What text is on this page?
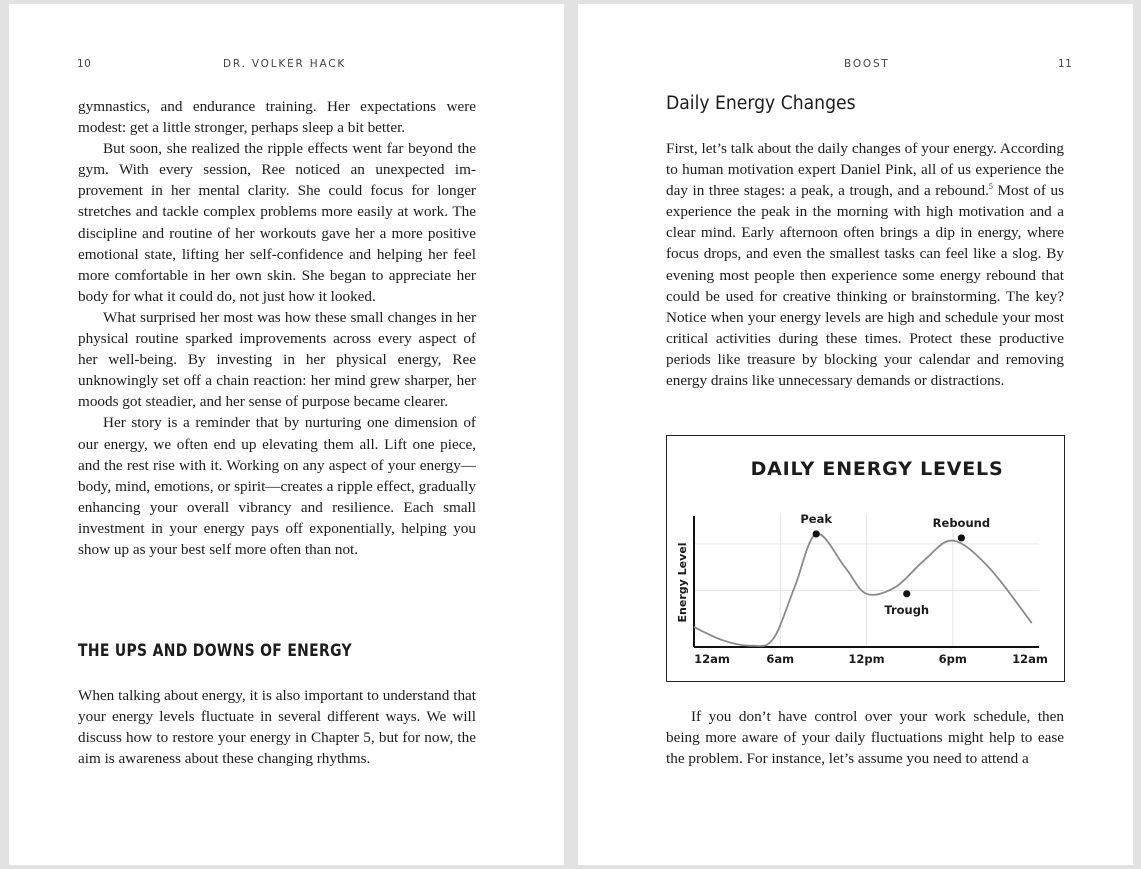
10	DR. VOLKER HACK

gymnastics, and endurance training. Her expectations were modest: get a little stronger, perhaps sleep a bit better.

But soon, she realized the ripple effects went far beyond the gym. With every session, Ree noticed an unexpected improvement in her mental clarity. She could focus for longer stretches and tackle complex problems more easily at work. The discipline and routine of her workouts gave her a more positive emotional state, lifting her self-confidence and helping her feel more comfortable in her own skin. She began to appreciate her body for what it could do, not just how it looked.

What surprised her most was how these small changes in her physical routine sparked improvements across every aspect of her well-being. By investing in her physical energy, Ree unknowingly set off a chain reaction: her mind grew sharper, her moods got steadier, and her sense of purpose became clearer.

Her story is a reminder that by nurturing one dimension of our energy, we often end up elevating them all. Lift one piece, and the rest rise with it. Working on any aspect of your energy—body, mind, emotions, or spirit—creates a ripple effect, gradually enhancing your overall vibrancy and resilience. Each small investment in your energy pays off exponentially, helping you show up as your best self more often than not.

THE UPS AND DOWNS OF ENERGY

When talking about energy, it is also important to understand that your energy levels fluctuate in several different ways. We will discuss how to restore your energy in Chapter 5, but for now, the aim is awareness about these changing rhythms.

BOOST	11
Daily Energy Changes

First, let’s talk about the daily changes of your energy. According to human motivation expert Daniel Pink, all of us experience the day in three stages: a peak, a trough, and a rebound.$^5$ Most of us experience the peak in the morning with high motivation and a clear mind. Early afternoon often brings a dip in energy, where focus drops, and even the smallest tasks can feel like a slog. By evening most people then experience some energy rebound that could be used for creative thinking or brainstorming. The key? Notice when your energy levels are high and schedule your most critical activities during these times. Protect these productive periods like treasure by blocking your calendar and removing energy drains like unnecessary demands or distractions.

DAILY ENERGY LEVELS
Energy Level
12am	6am	12pm	6pm	12am
Peak
Trough
Rebound

If you don’t have control over your work schedule, then being more aware of your daily fluctuations might help to ease the problem. For instance, let’s assume you need to attend a
